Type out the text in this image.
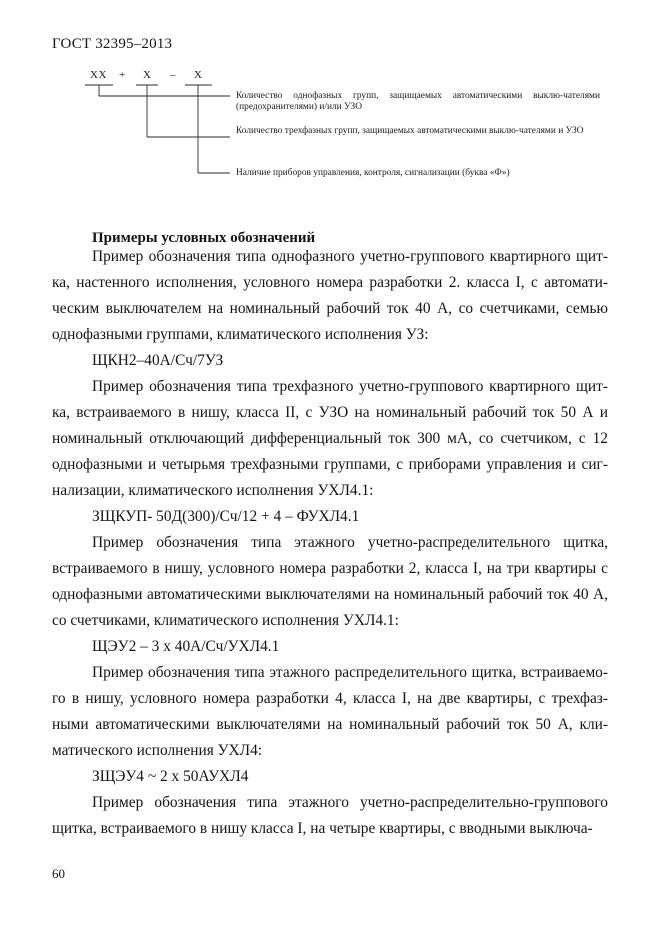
ГОСТ 32395–2013
ХХ + Х – Х
Количество однофазных групп, защищаемых автоматическими выклю-чателями (предохранителями) и/или УЗО
Количество трехфазных групп, защищаемых автоматическими выклю-чателями и УЗО
Наличие приборов управления, контроля, сигнализации (буква «Ф»)
Примеры условных обозначений

Пример обозначения типа однофазного учетно-группового квартирного щит-ка, настенного исполнения, условного номера разработки 2. класса I, с автомати-ческим выключателем на номинальный рабочий ток 40 А, со счетчиками, семью однофазными группами, климатического исполнения УЗ:

ЩКН2–40А/Сч/7УЗ

Пример обозначения типа трехфазного учетно-группового квартирного щит-ка, встраиваемого в нишу, класса II, с УЗО на номинальный рабочий ток 50 А и номинальный отключающий дифференциальный ток 300 мА, со счетчиком, с 12 однофазными и четырьмя трехфазными группами, с приборами управления и сиг-нализации, климатического исполнения УХЛ4.1:

ЗЩКУП- 50Д(300)/Сч/12 + 4 – ФУХЛ4.1

Пример обозначения типа этажного учетно-распределительного щитка, встраиваемого в нишу, условного номера разработки 2, класса I, на три квартиры с однофазными автоматическими выключателями на номинальный рабочий ток 40 А, со счетчиками, климатического исполнения УХЛ4.1:

ЩЭУ2 – 3 х 40А/Сч/УХЛ4.1

Пример обозначения типа этажного распределительного щитка, встраиваемо-го в нишу, условного номера разработки 4, класса I, на две квартиры, с трехфаз-ными автоматическими выключателями на номинальный рабочий ток 50 А, кли-матического исполнения УХЛ4:

ЗЩЭУ4 ~ 2 х 50АУХЛ4

Пример обозначения типа этажного учетно-распределительно-группового щитка, встраиваемого в нишу класса I, на четыре квартиры, с вводными выключа-

60
